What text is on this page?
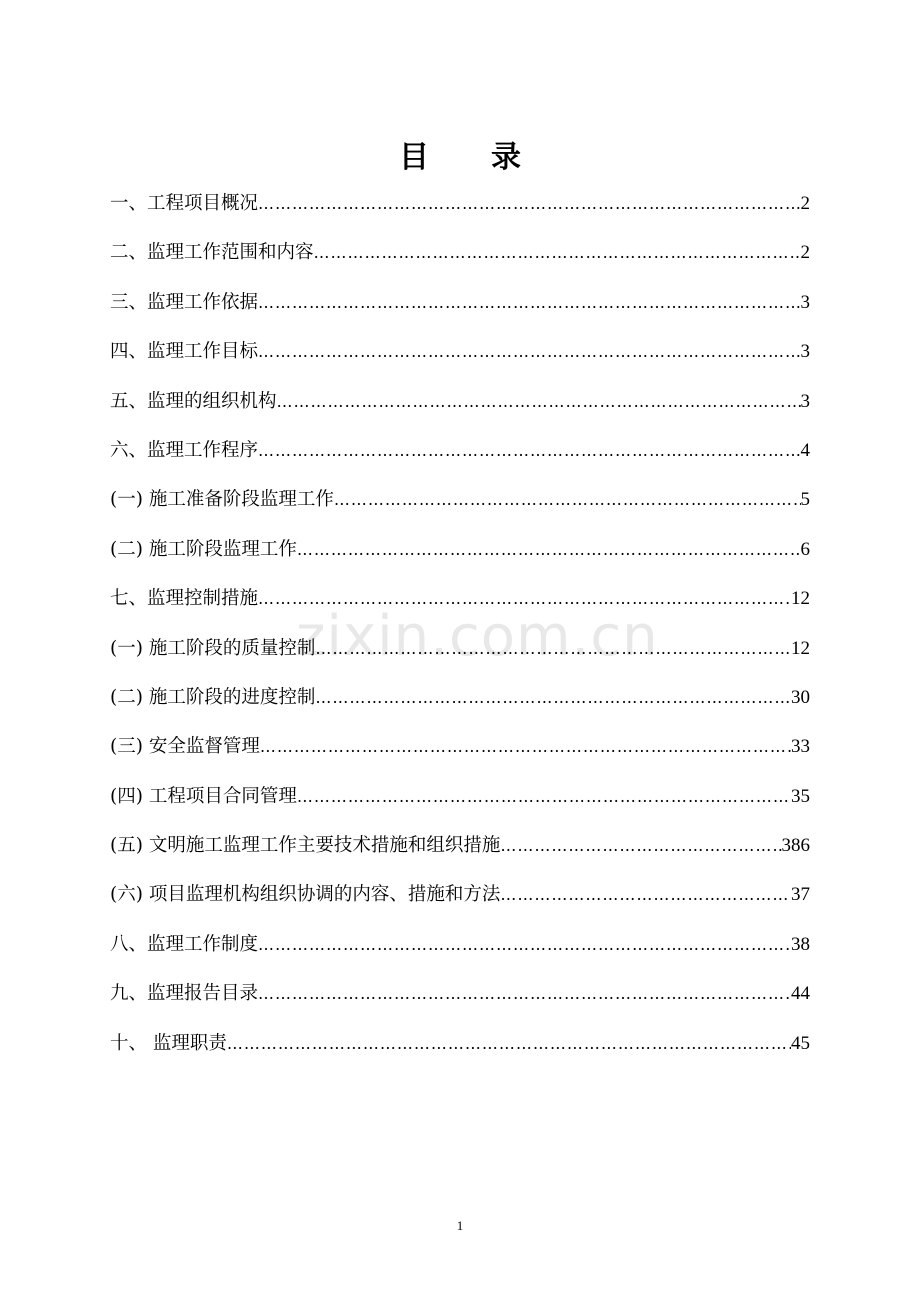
目 录
zixin.com.cn
一、工程项目概况 …………………………………………………………………………………………………………………………………………………………………………………………………………	2
二、监理工作范围和内容 …………………………………………………………………………………………………………………………………………………………………………………………………………	2
三、监理工作依据 …………………………………………………………………………………………………………………………………………………………………………………………………………	3
四、监理工作目标 …………………………………………………………………………………………………………………………………………………………………………………………………………	3
五、监理的组织机构 …………………………………………………………………………………………………………………………………………………………………………………………………………	3
六、监理工作程序 …………………………………………………………………………………………………………………………………………………………………………………………………………	4
(一) 施工准备阶段监理工作 …………………………………………………………………………………………………………………………………………………………………………………………………………	5
(二) 施工阶段监理工作 …………………………………………………………………………………………………………………………………………………………………………………………………………	6
七、监理控制措施 …………………………………………………………………………………………………………………………………………………………………………………………………………	12
(一) 施工阶段的质量控制 …………………………………………………………………………………………………………………………………………………………………………………………………………	12
(二) 施工阶段的进度控制 …………………………………………………………………………………………………………………………………………………………………………………………………………	30
(三) 安全监督管理 …………………………………………………………………………………………………………………………………………………………………………………………………………	33
(四) 工程项目合同管理 …………………………………………………………………………………………………………………………………………………………………………………………………………	35
(五) 文明施工监理工作主要技术措施和组织措施 …………………………………………………………………………………………………………………………………………………………………………………………………………	386
(六) 项目监理机构组织协调的内容、措施和方法 …………………………………………………………………………………………………………………………………………………………………………………………………………	37
八、监理工作制度 …………………………………………………………………………………………………………………………………………………………………………………………………………	38
九、监理报告目录 …………………………………………………………………………………………………………………………………………………………………………………………………………	44
十、 监理职责 …………………………………………………………………………………………………………………………………………………………………………………………………………	45
1
